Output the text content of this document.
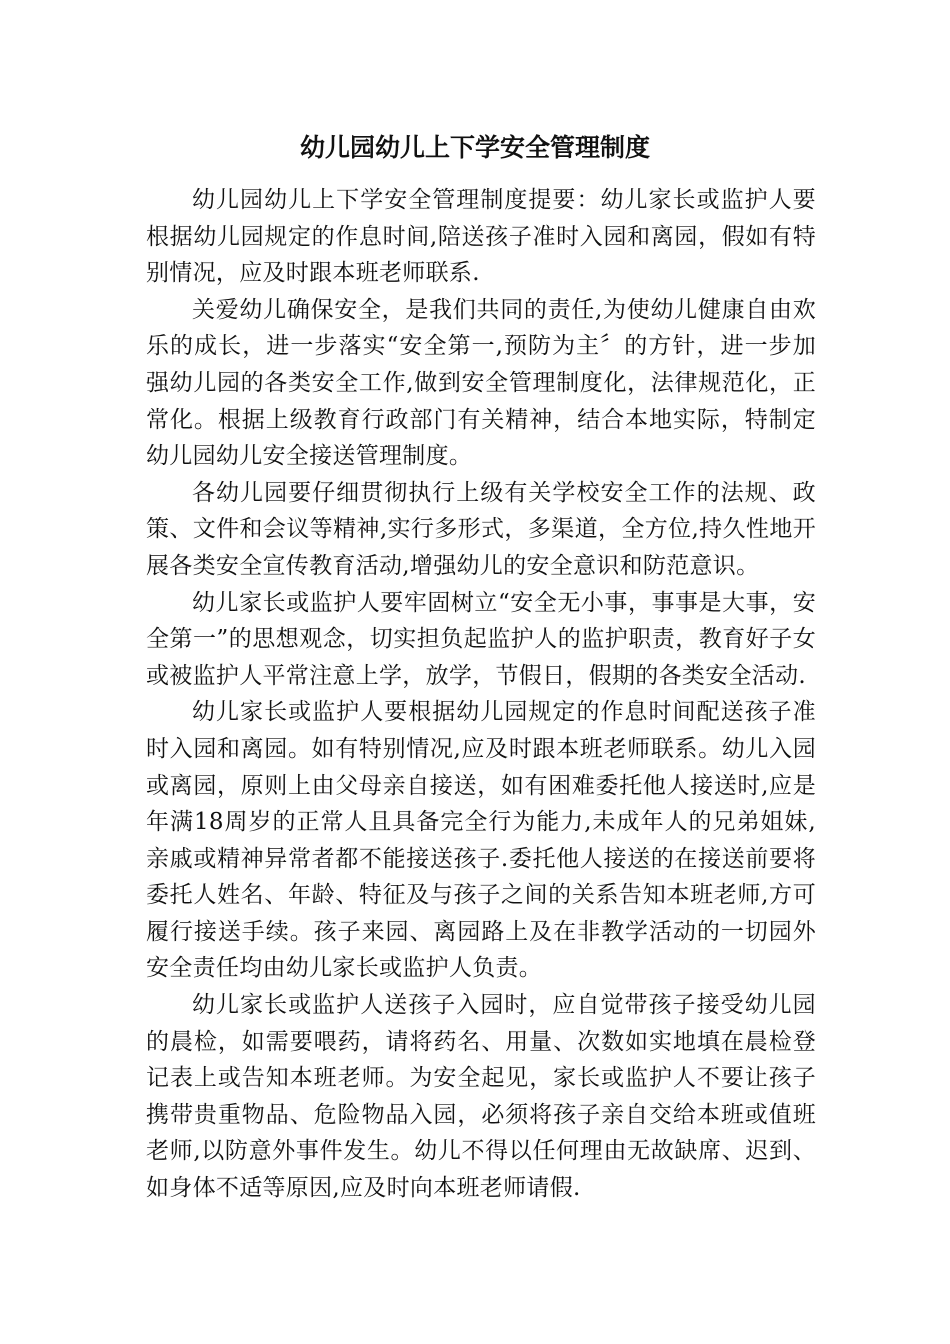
幼儿园幼儿上下学安全管理制度

幼儿园幼儿上下学安全管理制度提要：幼儿家长或监护人要根据幼儿园规定的作息时间,陪送孩子准时入园和离园，假如有特别情况，应及时跟本班老师联系.

关爱幼儿确保安全，是我们共同的责任,为使幼儿健康自由欢乐的成长，进一步落实“安全第一,预防为主〞的方针，进一步加强幼儿园的各类安全工作,做到安全管理制度化，法律规范化，正常化。根据上级教育行政部门有关精神，结合本地实际，特制定幼儿园幼儿安全接送管理制度。

各幼儿园要仔细贯彻执行上级有关学校安全工作的法规、政策、文件和会议等精神,实行多形式，多渠道，全方位,持久性地开展各类安全宣传教育活动,增强幼儿的安全意识和防范意识。

幼儿家长或监护人要牢固树立“安全无小事，事事是大事，安全第一”的思想观念，切实担负起监护人的监护职责，教育好子女或被监护人平常注意上学，放学，节假日，假期的各类安全活动.

幼儿家长或监护人要根据幼儿园规定的作息时间配送孩子准时入园和离园。如有特别情况,应及时跟本班老师联系。幼儿入园或离园，原则上由父母亲自接送，如有困难委托他人接送时,应是年满18周岁的正常人且具备完全行为能力,未成年人的兄弟姐妹,亲戚或精神异常者都不能接送孩子.委托他人接送的在接送前要将委托人姓名、年龄、特征及与孩子之间的关系告知本班老师,方可履行接送手续。孩子来园、离园路上及在非教学活动的一切园外安全责任均由幼儿家长或监护人负责。

幼儿家长或监护人送孩子入园时，应自觉带孩子接受幼儿园的晨检，如需要喂药，请将药名、用量、次数如实地填在晨检登记表上或告知本班老师。为安全起见，家长或监护人不要让孩子携带贵重物品、危险物品入园，必须将孩子亲自交给本班或值班老师,以防意外事件发生。幼儿不得以任何理由无故缺席、迟到、如身体不适等原因,应及时向本班老师请假.
